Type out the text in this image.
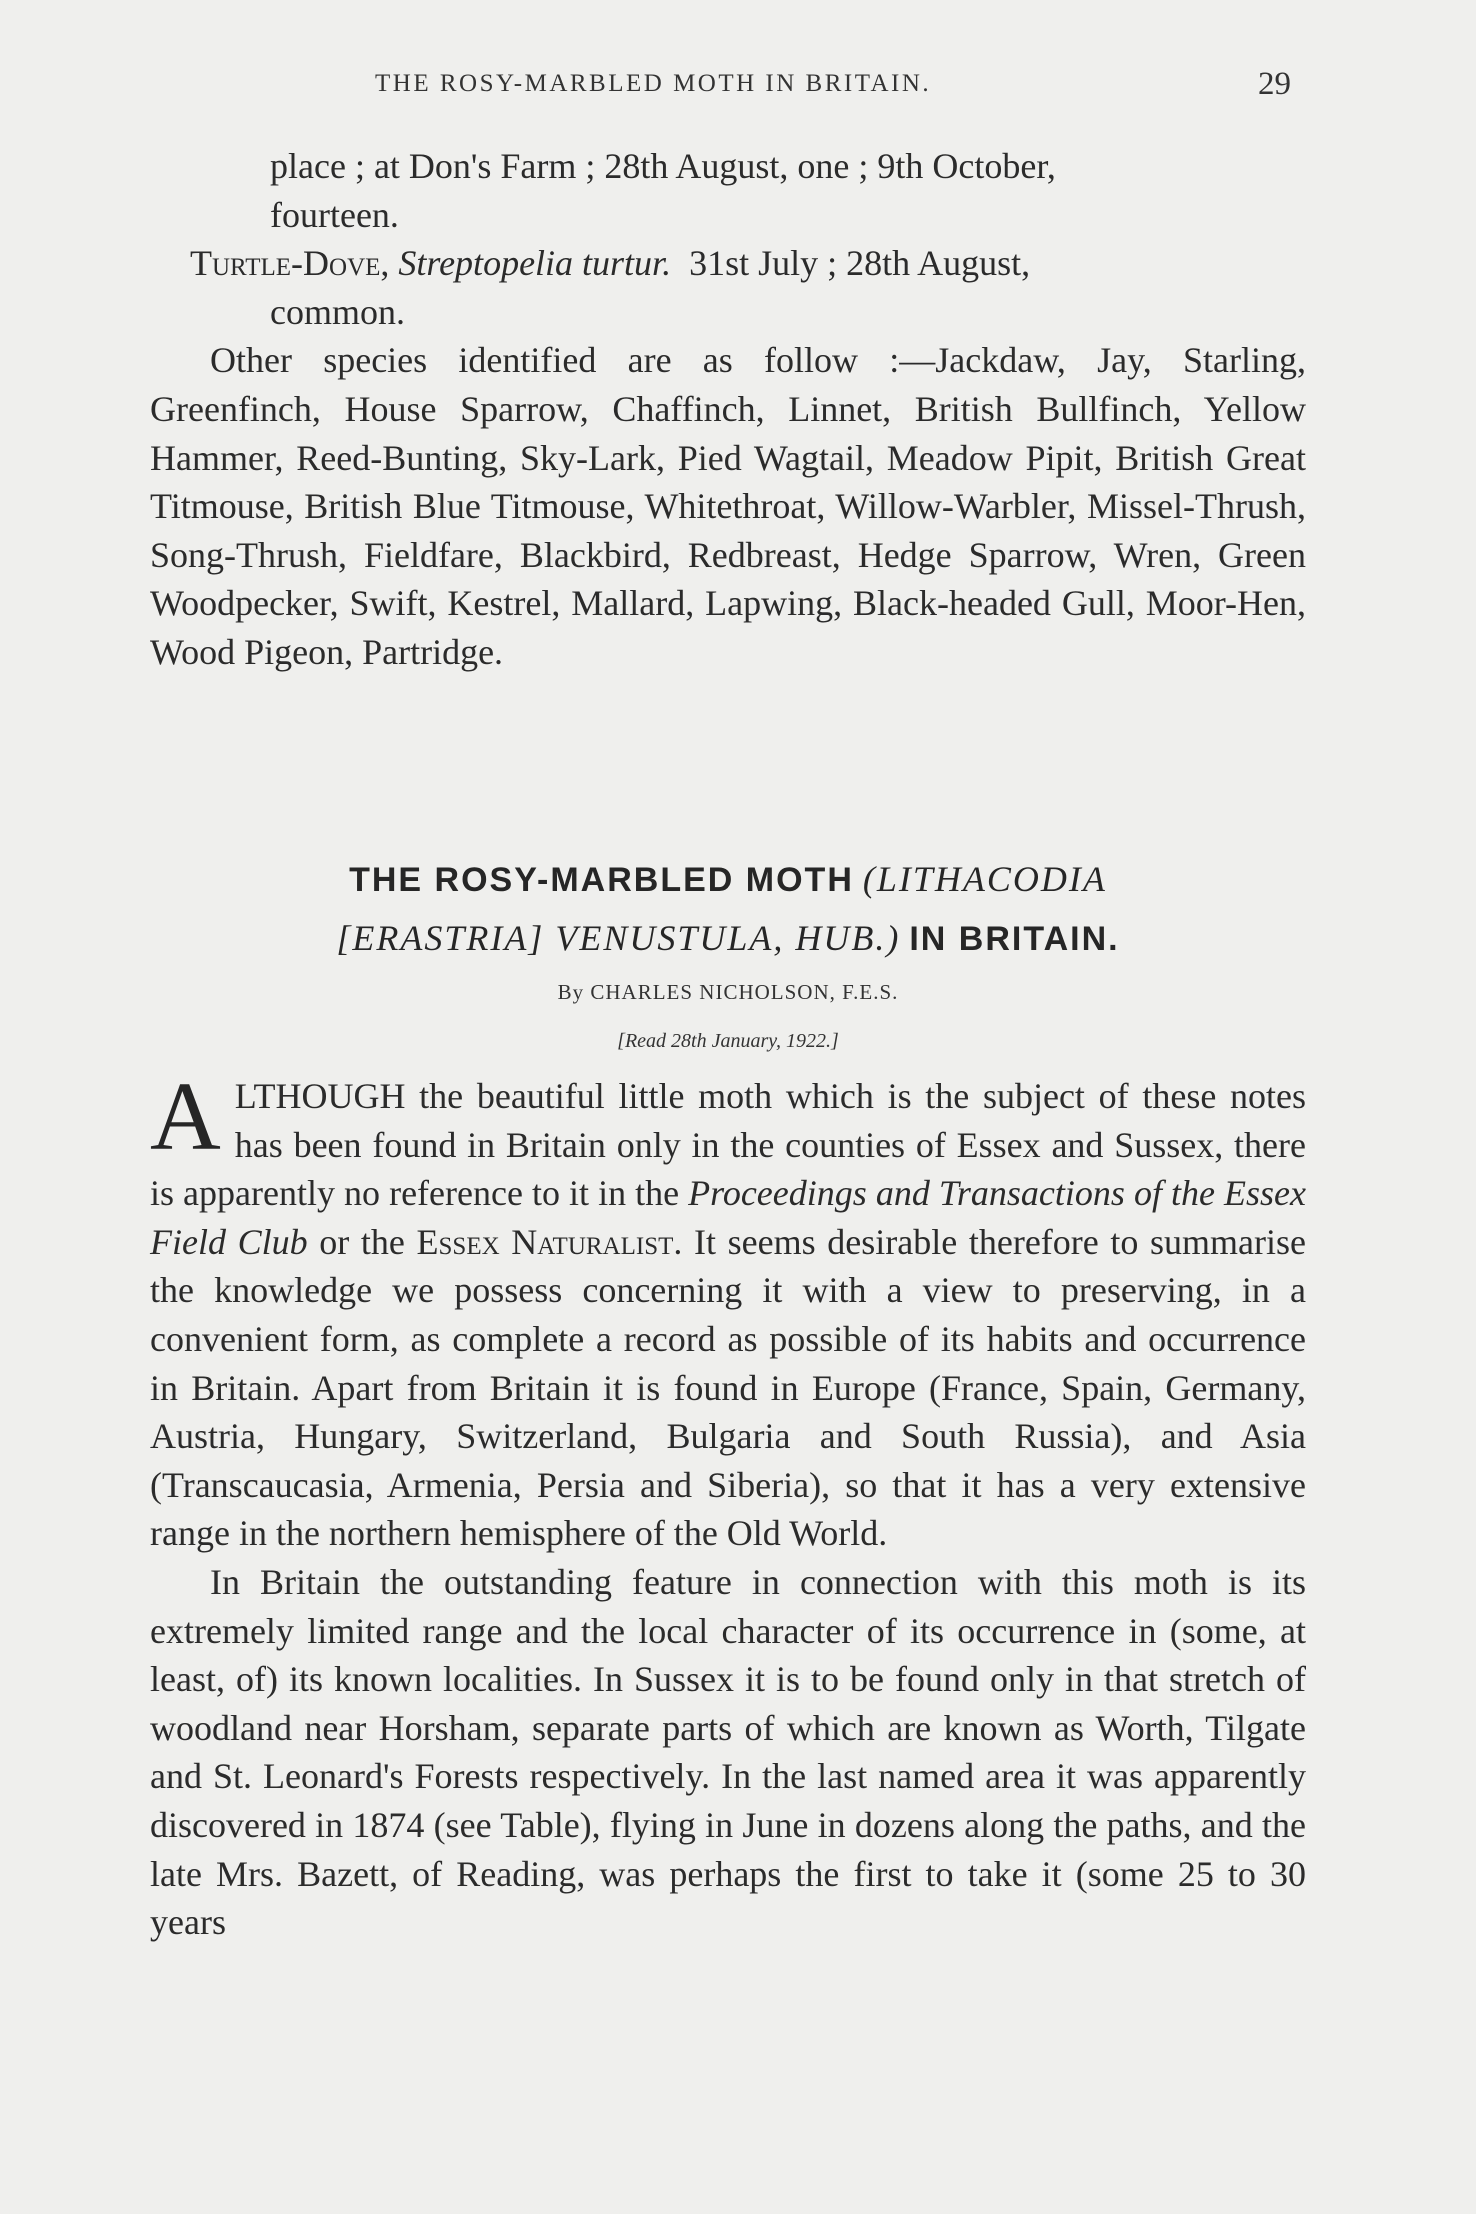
THE ROSY-MARBLED MOTH IN BRITAIN.	29

place ; at Don's Farm ; 28th August, one ; 9th October,
fourteen.

Turtle-Dove, Streptopelia turtur. 31st July ; 28th August,
common.

Other species identified are as follow :—Jackdaw, Jay, Starling, Greenfinch, House Sparrow, Chaffinch, Linnet, British Bullfinch, Yellow Hammer, Reed-Bunting, Sky-Lark, Pied Wagtail, Meadow Pipit, British Great Titmouse, British Blue Titmouse, Whitethroat, Willow-Warbler, Missel-Thrush, Song-Thrush, Fieldfare, Blackbird, Redbreast, Hedge Sparrow, Wren, Green Woodpecker, Swift, Kestrel, Mallard, Lapwing, Black-headed Gull, Moor-Hen, Wood Pigeon, Partridge.

THE ROSY-MARBLED MOTH (LITHACODIA
[ERASTRIA] VENUSTULA, HUB.) IN BRITAIN.
By CHARLES NICHOLSON, F.E.S.
[Read 28th January, 1922.]

ALTHOUGH the beautiful little moth which is the subject of these notes has been found in Britain only in the counties of Essex and Sussex, there is apparently no reference to it in the Proceedings and Transactions of the Essex Field Club or the Essex Naturalist. It seems desirable therefore to summarise the knowledge we possess concerning it with a view to preserving, in a convenient form, as complete a record as possible of its habits and occurrence in Britain. Apart from Britain it is found in Europe (France, Spain, Germany, Austria, Hungary, Switzerland, Bulgaria and South Russia), and Asia (Transcaucasia, Armenia, Persia and Siberia), so that it has a very extensive range in the northern hemisphere of the Old World.

In Britain the outstanding feature in connection with this moth is its extremely limited range and the local character of its occurrence in (some, at least, of) its known localities. In Sussex it is to be found only in that stretch of woodland near Horsham, separate parts of which are known as Worth, Tilgate and St. Leonard's Forests respectively. In the last named area it was apparently discovered in 1874 (see Table), flying in June in dozens along the paths, and the late Mrs. Bazett, of Reading, was perhaps the first to take it (some 25 to 30 years
